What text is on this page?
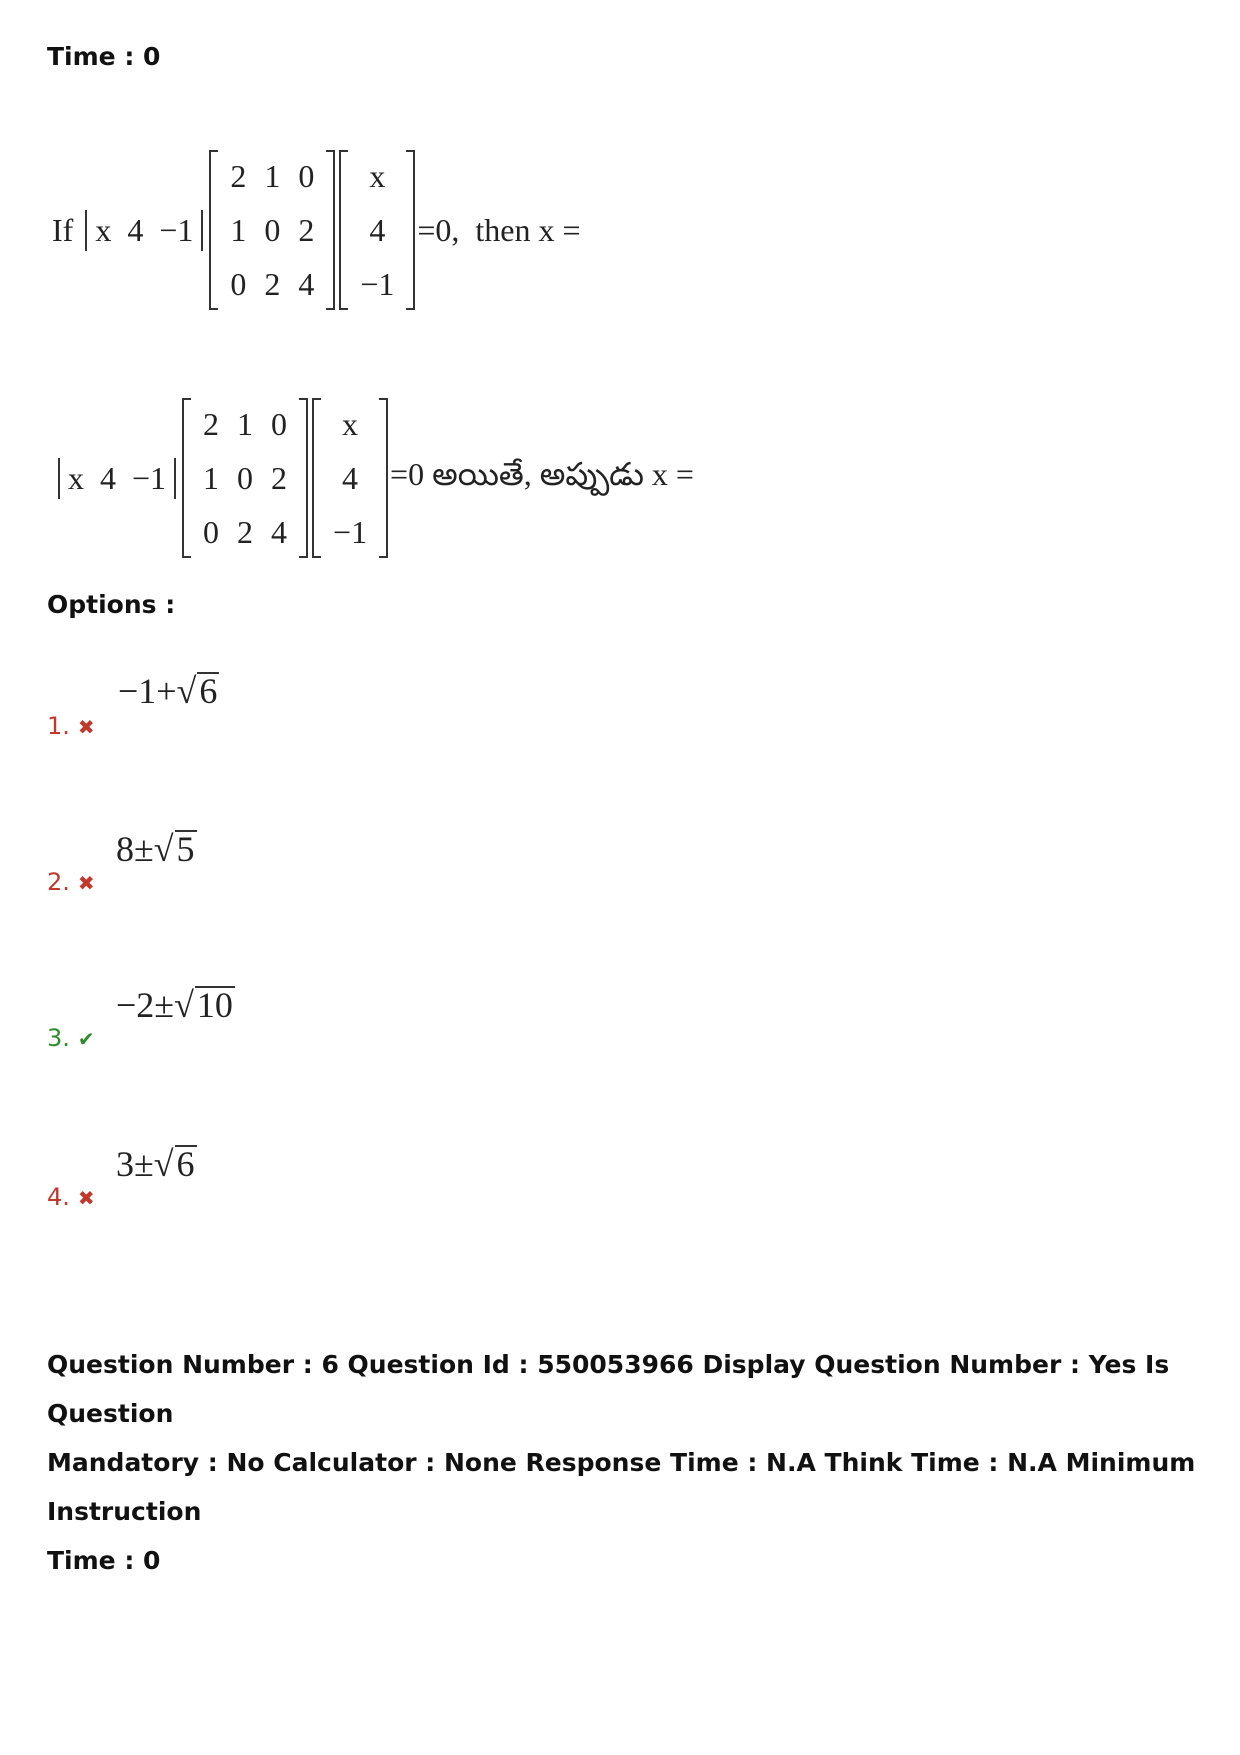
Time : 0
If
x 4 −1
2 1 0
1 0 2
0 2 4
x
4
−1
=0,  then x =
x 4 −1
2 1 0
1 0 2
0 2 4
x
4
−1
=0 అయితే, అప్పుడు x =
Options :
1. ✖
−1+√6
2. ✖
8±√5
3. ✔
−2±√10
4. ✖
3±√6
Question Number : 6 Question Id : 550053966 Display Question Number : Yes Is Question
Mandatory : No Calculator : None Response Time : N.A Think Time : N.A Minimum Instruction
Time : 0
